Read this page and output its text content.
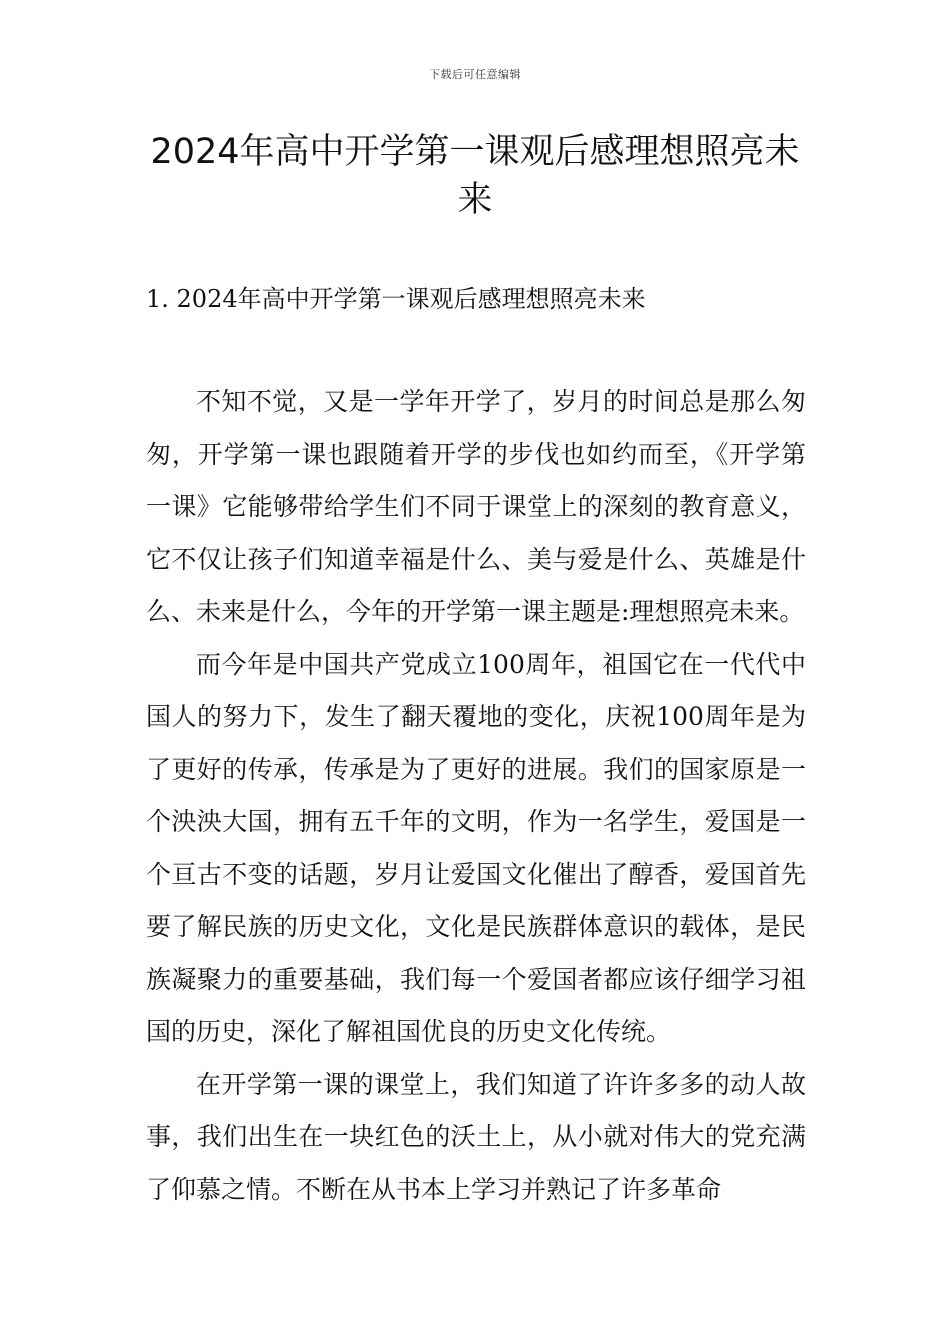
下载后可任意编辑
2024年高中开学第一课观后感理想照亮未来
1. 2024年高中开学第一课观后感理想照亮未来

不知不觉，又是一学年开学了，岁月的时间总是那么匆匆，开学第一课也跟随着开学的步伐也如约而至，《开学第一课》它能够带给学生们不同于课堂上的深刻的教育意义，它不仅让孩子们知道幸福是什么、美与爱是什么、英雄是什么、未来是什么，今年的开学第一课主题是:理想照亮未来。

而今年是中国共产党成立100周年，祖国它在一代代中国人的努力下，发生了翻天覆地的变化，庆祝100周年是为了更好的传承，传承是为了更好的进展。我们的国家原是一个泱泱大国，拥有五千年的文明，作为一名学生，爱国是一个亘古不变的话题，岁月让爱国文化催出了醇香，爱国首先要了解民族的历史文化，文化是民族群体意识的载体，是民族凝聚力的重要基础，我们每一个爱国者都应该仔细学习祖国的历史，深化了解祖国优良的历史文化传统。

在开学第一课的课堂上，我们知道了许许多多的动人故事，我们出生在一块红色的沃土上，从小就对伟大的党充满了仰慕之情。不断在从书本上学习并熟记了许多革命
